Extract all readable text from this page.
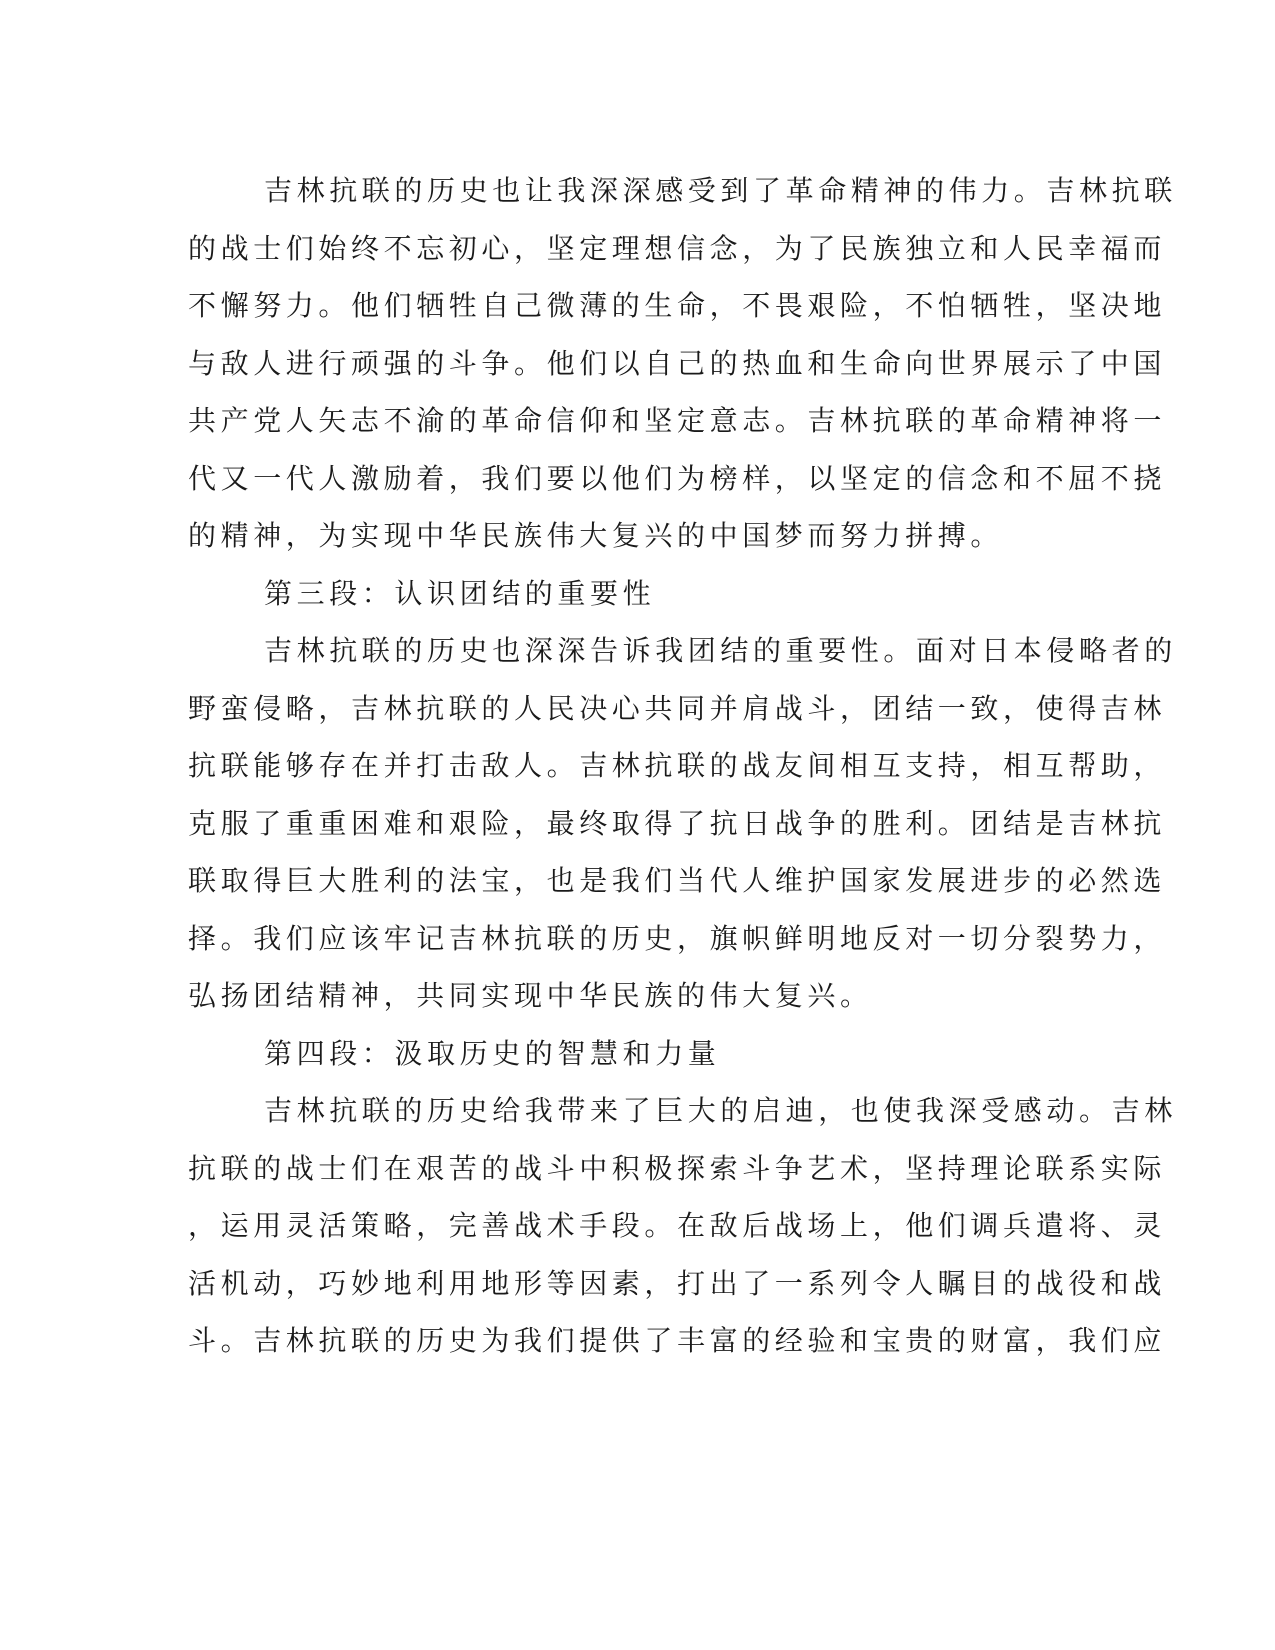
吉林抗联的历史也让我深深感受到了革命精神的伟力。吉林抗联
的战士们始终不忘初心，坚定理想信念，为了民族独立和人民幸福而
不懈努力。他们牺牲自己微薄的生命，不畏艰险，不怕牺牲，坚决地
与敌人进行顽强的斗争。他们以自己的热血和生命向世界展示了中国
共产党人矢志不渝的革命信仰和坚定意志。吉林抗联的革命精神将一
代又一代人激励着，我们要以他们为榜样，以坚定的信念和不屈不挠
的精神，为实现中华民族伟大复兴的中国梦而努力拼搏。
第三段：认识团结的重要性
吉林抗联的历史也深深告诉我团结的重要性。面对日本侵略者的
野蛮侵略，吉林抗联的人民决心共同并肩战斗，团结一致，使得吉林
抗联能够存在并打击敌人。吉林抗联的战友间相互支持，相互帮助，
克服了重重困难和艰险，最终取得了抗日战争的胜利。团结是吉林抗
联取得巨大胜利的法宝，也是我们当代人维护国家发展进步的必然选
择。我们应该牢记吉林抗联的历史，旗帜鲜明地反对一切分裂势力，
弘扬团结精神，共同实现中华民族的伟大复兴。
第四段：汲取历史的智慧和力量
吉林抗联的历史给我带来了巨大的启迪，也使我深受感动。吉林
抗联的战士们在艰苦的战斗中积极探索斗争艺术，坚持理论联系实际
，运用灵活策略，完善战术手段。在敌后战场上，他们调兵遣将、灵
活机动，巧妙地利用地形等因素，打出了一系列令人瞩目的战役和战
斗。吉林抗联的历史为我们提供了丰富的经验和宝贵的财富，我们应
